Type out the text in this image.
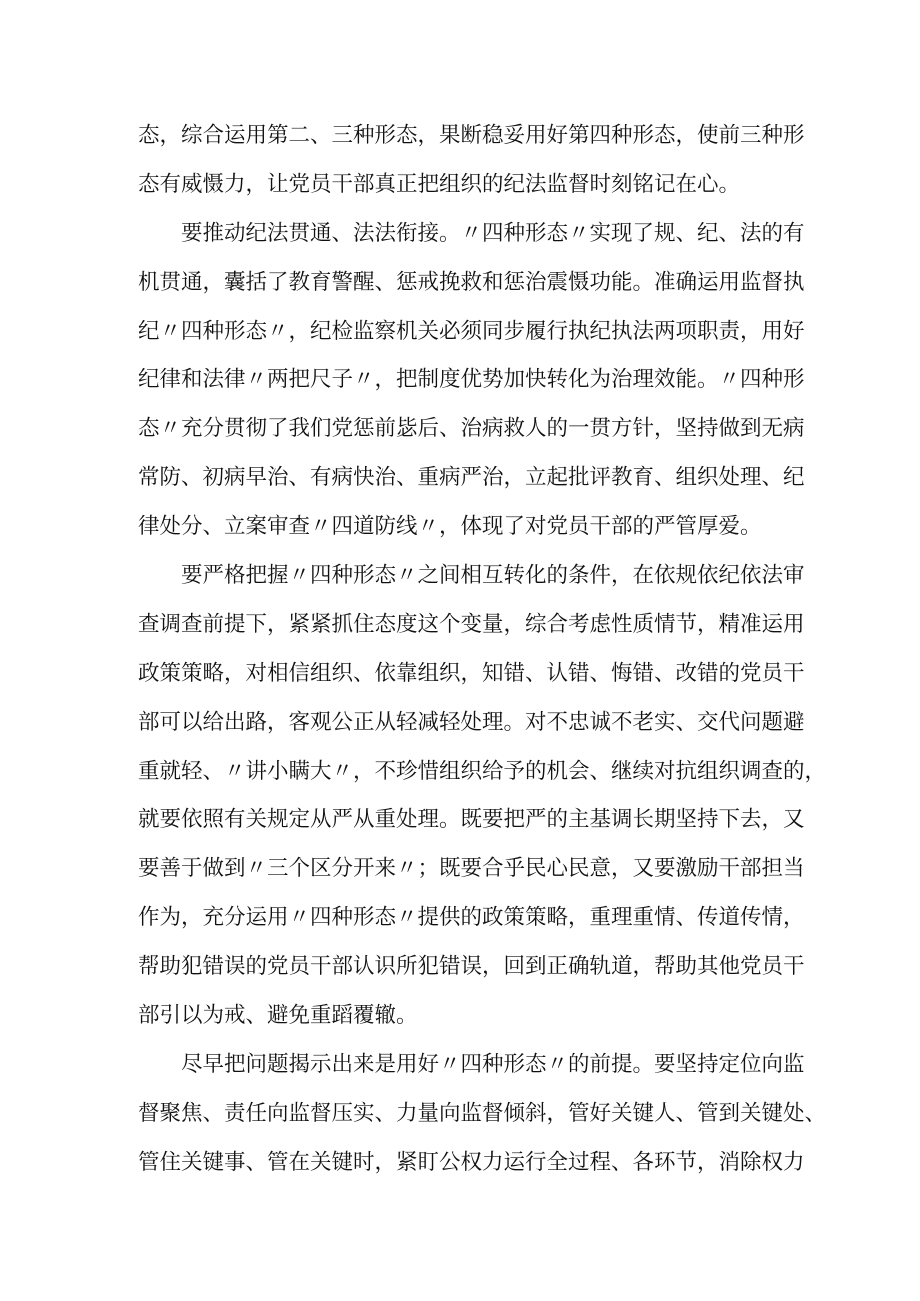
态，综合运用第二、三种形态，果断稳妥用好第四种形态，使前三种形
态有威慑力，让党员干部真正把组织的纪法监督时刻铭记在心。
要推动纪法贯通、法法衔接。〃四种形态〃实现了规、纪、法的有
机贯通，囊括了教育警醒、惩戒挽救和惩治震慑功能。准确运用监督执
纪〃四种形态〃，纪检监察机关必须同步履行执纪执法两项职责，用好
纪律和法律〃两把尺子〃，把制度优势加快转化为治理效能。〃四种形
态〃充分贯彻了我们党惩前毖后、治病救人的一贯方针，坚持做到无病
常防、初病早治、有病快治、重病严治，立起批评教育、组织处理、纪
律处分、立案审查〃四道防线〃，体现了对党员干部的严管厚爱。
要严格把握〃四种形态〃之间相互转化的条件，在依规依纪依法审
查调查前提下，紧紧抓住态度这个变量，综合考虑性质情节，精准运用
政策策略，对相信组织、依靠组织，知错、认错、悔错、改错的党员干
部可以给出路，客观公正从轻减轻处理。对不忠诚不老实、交代问题避
重就轻、〃讲小瞒大〃，不珍惜组织给予的机会、继续对抗组织调查的，
就要依照有关规定从严从重处理。既要把严的主基调长期坚持下去，又
要善于做到〃三个区分开来〃；既要合乎民心民意，又要激励干部担当
作为，充分运用〃四种形态〃提供的政策策略，重理重情、传道传情，
帮助犯错误的党员干部认识所犯错误，回到正确轨道，帮助其他党员干
部引以为戒、避免重蹈覆辙。
尽早把问题揭示出来是用好〃四种形态〃的前提。要坚持定位向监
督聚焦、责任向监督压实、力量向监督倾斜，管好关键人、管到关键处、
管住关键事、管在关键时，紧盯公权力运行全过程、各环节，消除权力
